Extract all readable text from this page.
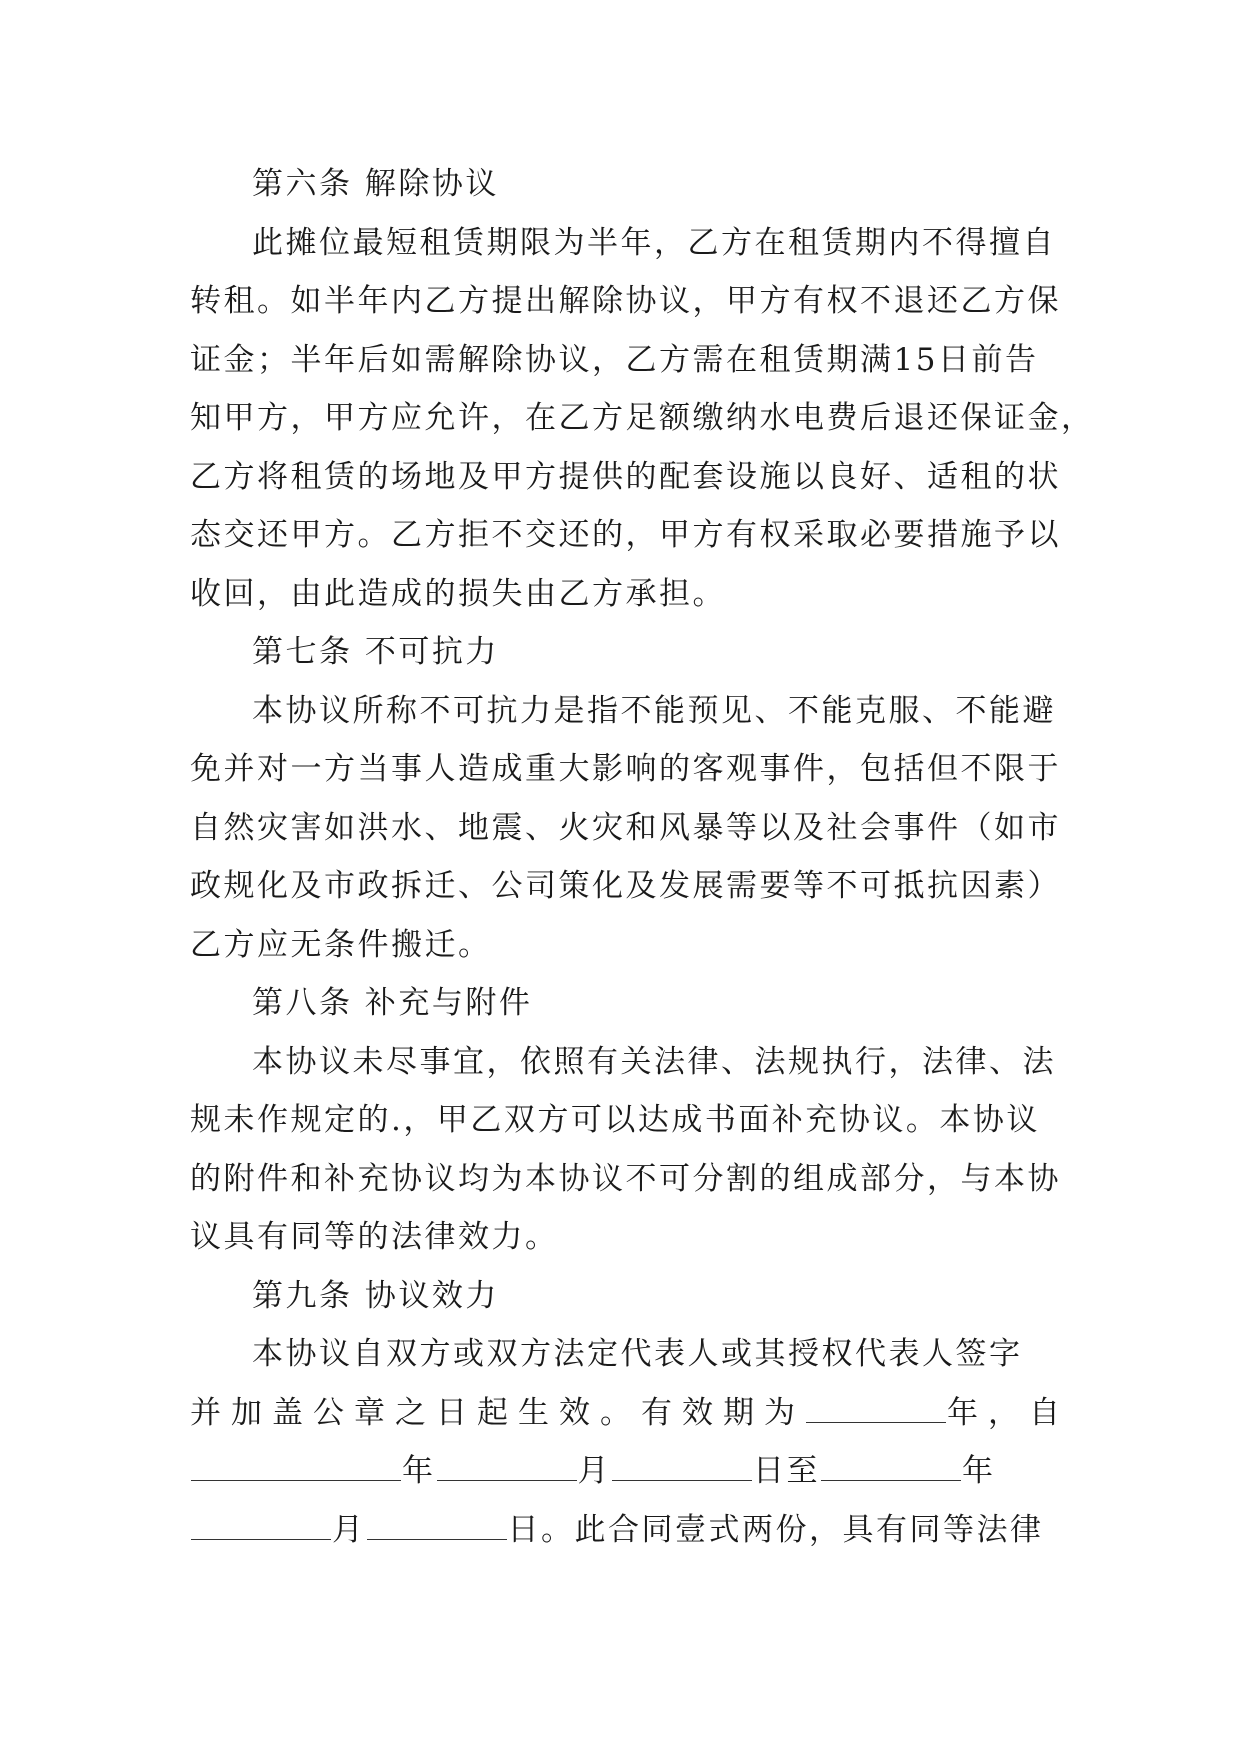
第六条 解除协议

此摊位最短租赁期限为半年，乙方在租赁期内不得擅自
转租。如半年内乙方提出解除协议，甲方有权不退还乙方保
证金；半年后如需解除协议，乙方需在租赁期满15日前告
知甲方，甲方应允许，在乙方足额缴纳水电费后退还保证金，
乙方将租赁的场地及甲方提供的配套设施以良好、适租的状
态交还甲方。乙方拒不交还的，甲方有权采取必要措施予以
收回，由此造成的损失由乙方承担。

第七条 不可抗力

本协议所称不可抗力是指不能预见、不能克服、不能避
免并对一方当事人造成重大影响的客观事件，包括但不限于
自然灾害如洪水、地震、火灾和风暴等以及社会事件（如市
政规化及市政拆迁、公司策化及发展需要等不可抵抗因素）
乙方应无条件搬迁。

第八条 补充与附件

本协议未尽事宜，依照有关法律、法规执行，法律、法
规未作规定的.，甲乙双方可以达成书面补充协议。本协议
的附件和补充协议均为本协议不可分割的组成部分，与本协
议具有同等的法律效力。

第九条 协议效力

本协议自双方或双方法定代表人或其授权代表人签字
并加盖公章之日起生效。有效期为	年，自
年	月	日至	年
月	日。此合同壹式两份，具有同等法律
